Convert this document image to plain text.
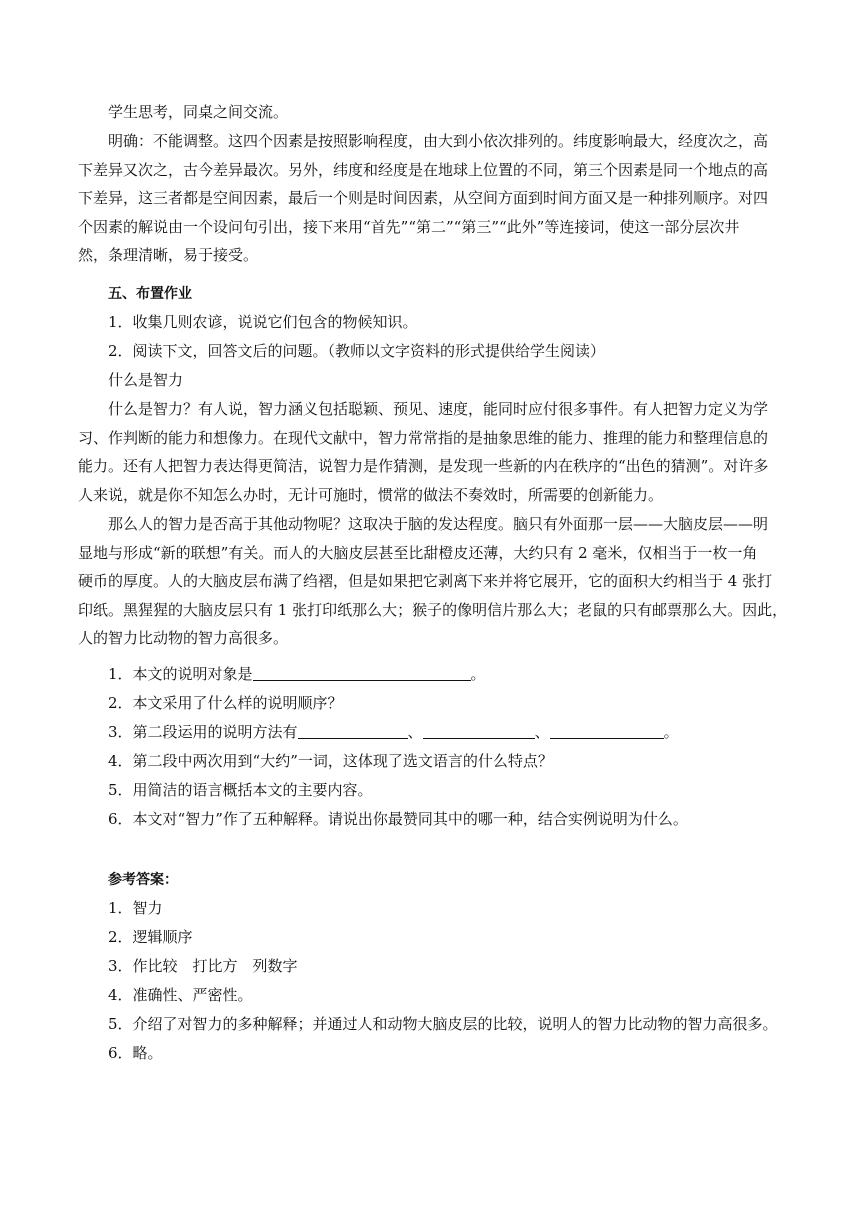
学生思考，同桌之间交流。

明确：不能调整。这四个因素是按照影响程度，由大到小依次排列的。纬度影响最大，经度次之，高
下差异又次之，古今差异最次。另外，纬度和经度是在地球上位置的不同，第三个因素是同一个地点的高
下差异，这三者都是空间因素，最后一个则是时间因素，从空间方面到时间方面又是一种排列顺序。对四
个因素的解说由一个设问句引出，接下来用“首先”“第二”“第三”“此外”等连接词，使这一部分层次井
然，条理清晰，易于接受。
五、布置作业
1．收集几则农谚，说说它们包含的物候知识。
2．阅读下文，回答文后的问题。（教师以文字资料的形式提供给学生阅读）
什么是智力
什么是智力？有人说，智力涵义包括聪颖、预见、速度，能同时应付很多事件。有人把智力定义为学
习、作判断的能力和想像力。在现代文献中，智力常常指的是抽象思维的能力、推理的能力和整理信息的
能力。还有人把智力表达得更简洁，说智力是作猜测，是发现一些新的内在秩序的“出色的猜测”。对许多
人来说，就是你不知怎么办时，无计可施时，惯常的做法不奏效时，所需要的创新能力。
那么人的智力是否高于其他动物呢？这取决于脑的发达程度。脑只有外面那一层——大脑皮层——明
显地与形成“新的联想”有关。而人的大脑皮层甚至比甜橙皮还薄，大约只有 2 毫米，仅相当于一枚一角
硬币的厚度。人的大脑皮层布满了绉褶，但是如果把它剥离下来并将它展开，它的面积大约相当于 4 张打
印纸。黑猩猩的大脑皮层只有 1 张打印纸那么大；猴子的像明信片那么大；老鼠的只有邮票那么大。因此，
人的智力比动物的智力高很多。
1．本文的说明对象是	。
2．本文采用了什么样的说明顺序？
3．第二段运用的说明方法有	、	、	。
4．第二段中两次用到“大约”一词，这体现了选文语言的什么特点？
5．用简洁的语言概括本文的主要内容。
6．本文对“智力”作了五种解释。请说出你最赞同其中的哪一种，结合实例说明为什么。
参考答案：
1．智力
2．逻辑顺序
3．作比较　打比方　列数字
4．准确性、严密性。
5．介绍了对智力的多种解释；并通过人和动物大脑皮层的比较，说明人的智力比动物的智力高很多。
6．略。
